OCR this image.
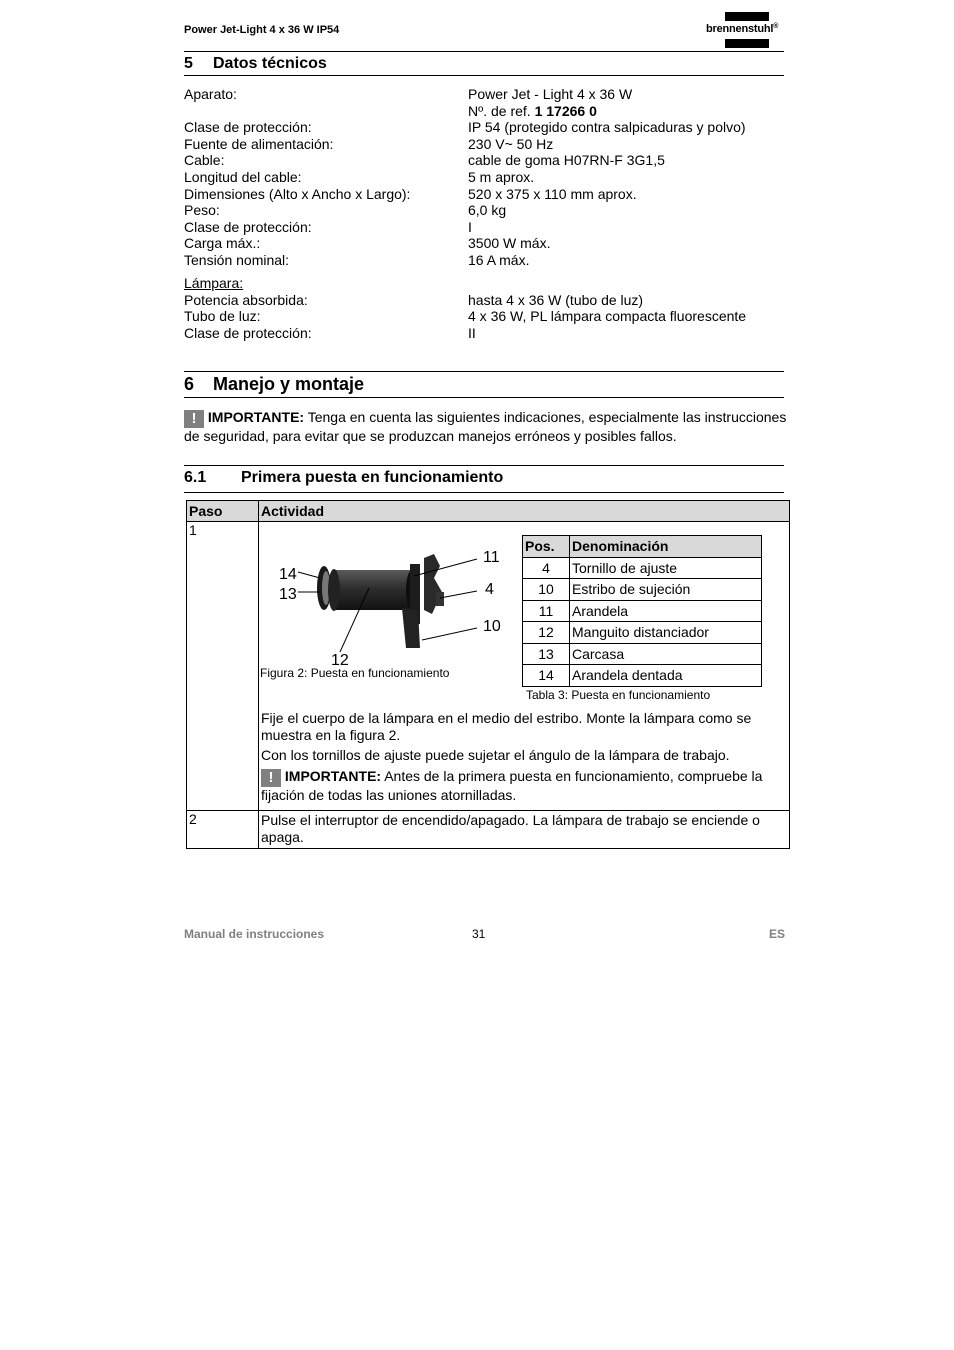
Power Jet-Light 4 x 36 W IP54	brennenstuhl®
5 Datos técnicos
Aparato:	Power Jet - Light 4 x 36 W
Nº. de ref. 1 17266 0
Clase de protección:	IP 54 (protegido contra salpicaduras y polvo)
Fuente de alimentación:	230 V~ 50 Hz
Cable:	cable de goma H07RN-F 3G1,5
Longitud del cable:	5 m aprox.
Dimensiones (Alto x Ancho x Largo):	520 x 375 x 110 mm aprox.
Peso:	6,0 kg
Clase de protección:	I
Carga máx.:	3500 W máx.
Tensión nominal:	16 A máx.
Lámpara:
Potencia absorbida:	hasta 4 x 36 W (tubo de luz)
Tubo de luz:	4 x 36 W, PL lámpara compacta fluorescente
Clase de protección:	II
6 Manejo y montaje
! IMPORTANTE: Tenga en cuenta las siguientes indicaciones, especialmente las instrucciones de seguridad, para evitar que se produzcan manejos erróneos y posibles fallos.
6.1 Primera puesta en funcionamiento
Paso	Actividad
1	Fije el cuerpo de la lámpara en el medio del estribo. Monte la lámpara como se muestra en la figura 2.
Con los tornillos de ajuste puede sujetar el ángulo de la lámpara de trabajo.
! IMPORTANTE: Antes de la primera puesta en funcionamiento, compruebe la fijación de todas las uniones atornilladas.

2	Pulse el interruptor de encendido/apagado. La lámpara de trabajo se enciende o apaga.
14
13
12
11
4
10
Figura 2: Puesta en funcionamiento
Pos.	Denominación
4	Tornillo de ajuste
10	Estribo de sujeción
11	Arandela
12	Manguito distanciador
13	Carcasa
14	Arandela dentada
Tabla 3: Puesta en funcionamiento
Manual de instrucciones	31	ES
